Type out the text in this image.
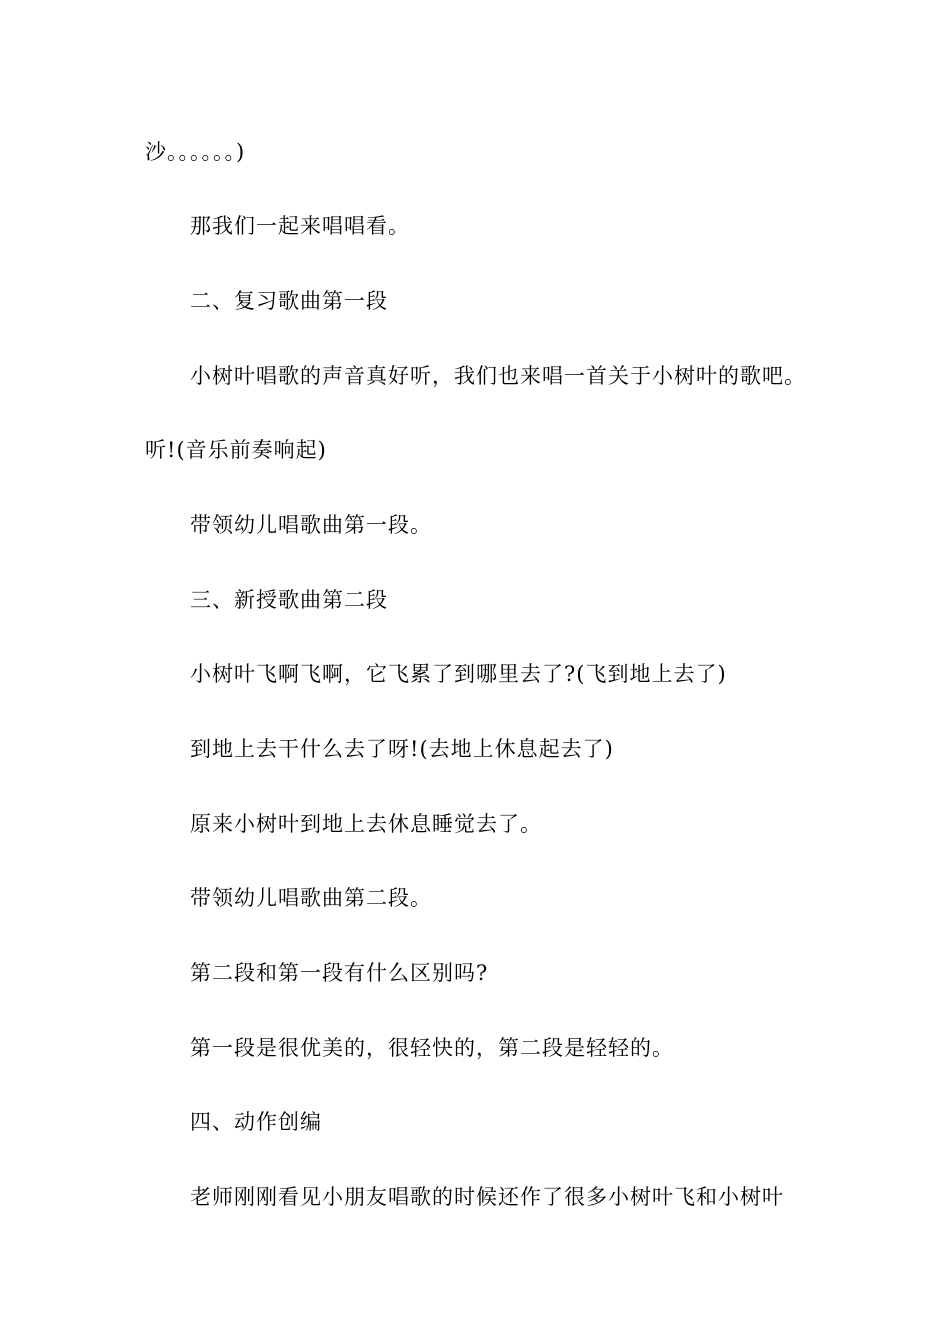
沙。。。。。。)

那我们一起来唱唱看。

二、复习歌曲第一段

小树叶唱歌的声音真好听，我们也来唱一首关于小树叶的歌吧。

听!(音乐前奏响起)

带领幼儿唱歌曲第一段。

三、新授歌曲第二段

小树叶飞啊飞啊，它飞累了到哪里去了?(飞到地上去了)

到地上去干什么去了呀!(去地上休息起去了)

原来小树叶到地上去休息睡觉去了。

带领幼儿唱歌曲第二段。

第二段和第一段有什么区别吗?

第一段是很优美的，很轻快的，第二段是轻轻的。

四、动作创编

老师刚刚看见小朋友唱歌的时候还作了很多小树叶飞和小树叶
